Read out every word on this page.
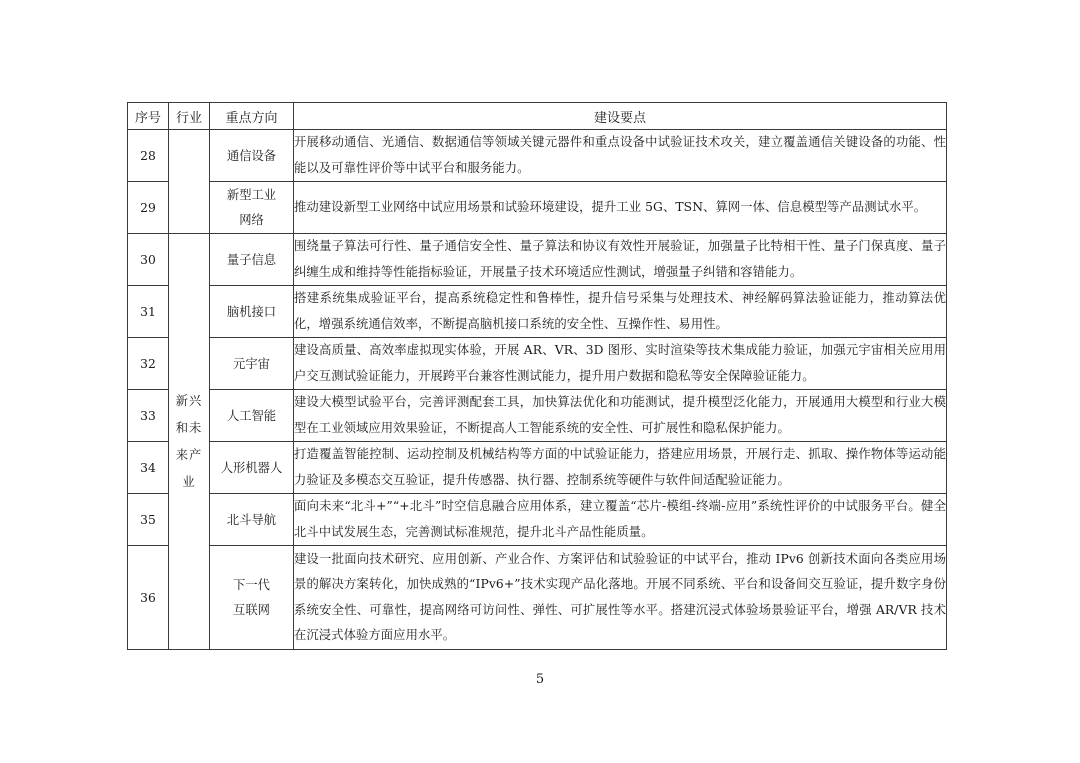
序号	行业	重点方向	建设要点
28		通信设备	开展移动通信、光通信、数据通信等领域关键元器件和重点设备中试验证技术攻关，建立覆盖通信关键设备的功能、性能以及可靠性评价等中试平台和服务能力。
29		新型工业网络	推动建设新型工业网络中试应用场景和试验环境建设，提升工业 5G、TSN、算网一体、信息模型等产品测试水平。
30	新兴和未来产业	量子信息	围绕量子算法可行性、量子通信安全性、量子算法和协议有效性开展验证，加强量子比特相干性、量子门保真度、量子纠缠生成和维持等性能指标验证，开展量子技术环境适应性测试，增强量子纠错和容错能力。
31		脑机接口	搭建系统集成验证平台，提高系统稳定性和鲁棒性，提升信号采集与处理技术、神经解码算法验证能力，推动算法优化，增强系统通信效率，不断提高脑机接口系统的安全性、互操作性、易用性。
32		元宇宙	建设高质量、高效率虚拟现实体验，开展 AR、VR、3D 图形、实时渲染等技术集成能力验证，加强元宇宙相关应用用户交互测试验证能力，开展跨平台兼容性测试能力，提升用户数据和隐私等安全保障验证能力。
33		人工智能	建设大模型试验平台，完善评测配套工具，加快算法优化和功能测试，提升模型泛化能力，开展通用大模型和行业大模型在工业领域应用效果验证，不断提高人工智能系统的安全性、可扩展性和隐私保护能力。
34		人形机器人	打造覆盖智能控制、运动控制及机械结构等方面的中试验证能力，搭建应用场景，开展行走、抓取、操作物体等运动能力验证及多模态交互验证，提升传感器、执行器、控制系统等硬件与软件间适配验证能力。
35		北斗导航	面向未来“北斗+”“+北斗”时空信息融合应用体系，建立覆盖“芯片-模组-终端-应用”系统性评价的中试服务平台。健全北斗中试发展生态，完善测试标准规范，提升北斗产品性能质量。
36		下一代互联网	建设一批面向技术研究、应用创新、产业合作、方案评估和试验验证的中试平台，推动 IPv6 创新技术面向各类应用场景的解决方案转化，加快成熟的“IPv6+”技术实现产品化落地。开展不同系统、平台和设备间交互验证，提升数字身份系统安全性、可靠性，提高网络可访问性、弹性、可扩展性等水平。搭建沉浸式体验场景验证平台，增强 AR/VR 技术在沉浸式体验方面应用水平。
5
